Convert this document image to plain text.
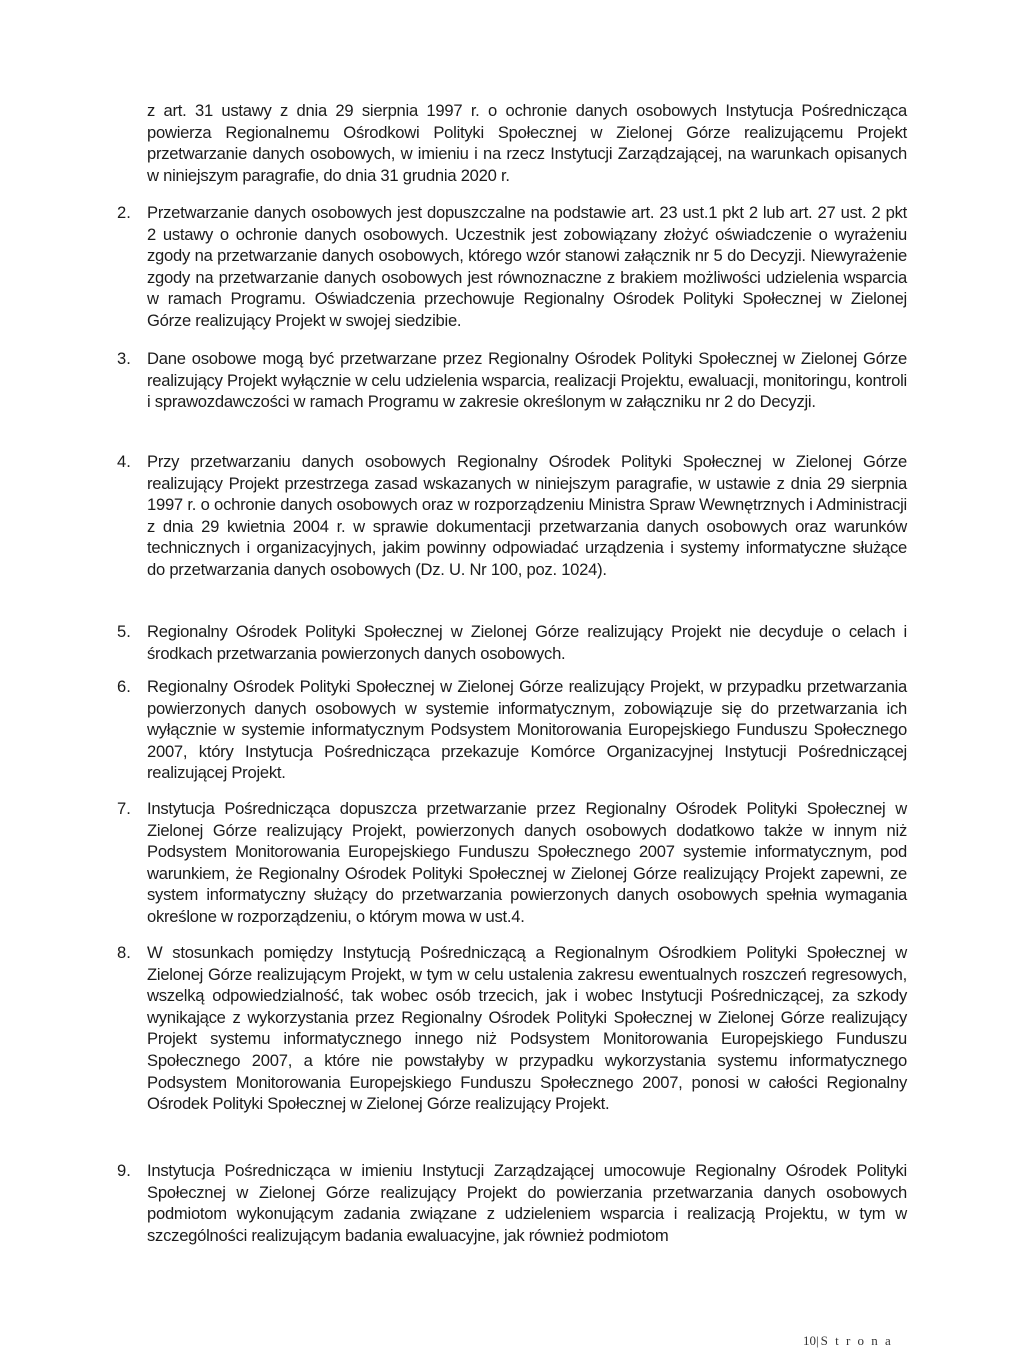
z art. 31 ustawy z dnia 29 sierpnia 1997 r. o ochronie danych osobowych Instytucja Pośrednicząca powierza Regionalnemu Ośrodkowi Polityki Społecznej w Zielonej Górze realizującemu Projekt przetwarzanie danych osobowych, w imieniu i na rzecz Instytucji Zarządzającej, na warunkach opisanych w niniejszym paragrafie, do dnia 31 grudnia 2020 r.
2. Przetwarzanie danych osobowych jest dopuszczalne na podstawie art. 23 ust.1 pkt 2 lub art. 27 ust. 2 pkt 2 ustawy o ochronie danych osobowych. Uczestnik jest zobowiązany złożyć oświadczenie o wyrażeniu zgody na przetwarzanie danych osobowych, którego wzór stanowi załącznik nr 5 do Decyzji. Niewyrażenie zgody na przetwarzanie danych osobowych jest równoznaczne z brakiem możliwości udzielenia wsparcia w ramach Programu. Oświadczenia przechowuje Regionalny Ośrodek Polityki Społecznej w Zielonej Górze realizujący Projekt w swojej siedzibie.
3. Dane osobowe mogą być przetwarzane przez Regionalny Ośrodek Polityki Społecznej w Zielonej Górze realizujący Projekt wyłącznie w celu udzielenia wsparcia, realizacji Projektu, ewaluacji, monitoringu, kontroli i sprawozdawczości w ramach Programu w zakresie określonym w załączniku nr 2 do Decyzji.
4. Przy przetwarzaniu danych osobowych Regionalny Ośrodek Polityki Społecznej w Zielonej Górze realizujący Projekt przestrzega zasad wskazanych w niniejszym paragrafie, w ustawie z dnia 29 sierpnia 1997 r. o ochronie danych osobowych oraz w rozporządzeniu Ministra Spraw Wewnętrznych i Administracji z dnia 29 kwietnia 2004 r. w sprawie dokumentacji przetwarzania danych osobowych oraz warunków technicznych i organizacyjnych, jakim powinny odpowiadać urządzenia i systemy informatyczne służące do przetwarzania danych osobowych (Dz. U. Nr 100, poz. 1024).
5. Regionalny Ośrodek Polityki Społecznej w Zielonej Górze realizujący Projekt nie decyduje o celach i środkach przetwarzania powierzonych danych osobowych.
6. Regionalny Ośrodek Polityki Społecznej w Zielonej Górze realizujący Projekt, w przypadku przetwarzania powierzonych danych osobowych w systemie informatycznym, zobowiązuje się do przetwarzania ich wyłącznie w systemie informatycznym Podsystem Monitorowania Europejskiego Funduszu Społecznego 2007, który Instytucja Pośrednicząca przekazuje Komórce Organizacyjnej Instytucji Pośredniczącej realizującej Projekt.
7. Instytucja Pośrednicząca dopuszcza przetwarzanie przez Regionalny Ośrodek Polityki Społecznej w Zielonej Górze realizujący Projekt, powierzonych danych osobowych dodatkowo także w innym niż Podsystem Monitorowania Europejskiego Funduszu Społecznego 2007 systemie informatycznym, pod warunkiem, że Regionalny Ośrodek Polityki Społecznej w Zielonej Górze realizujący Projekt zapewni, ze system informatyczny służący do przetwarzania powierzonych danych osobowych spełnia wymagania określone w rozporządzeniu, o którym mowa w ust.4.
8. W stosunkach pomiędzy Instytucją Pośredniczącą a Regionalnym Ośrodkiem Polityki Społecznej w Zielonej Górze realizującym Projekt, w tym w celu ustalenia zakresu ewentualnych roszczeń regresowych, wszelką odpowiedzialność, tak wobec osób trzecich, jak i wobec Instytucji Pośredniczącej, za szkody wynikające z wykorzystania przez Regionalny Ośrodek Polityki Społecznej w Zielonej Górze realizujący Projekt systemu informatycznego innego niż Podsystem Monitorowania Europejskiego Funduszu Społecznego 2007, a które nie powstałyby w przypadku wykorzystania systemu informatycznego Podsystem Monitorowania Europejskiego Funduszu Społecznego 2007, ponosi w całości Regionalny Ośrodek Polityki Społecznej w Zielonej Górze realizujący Projekt.
9. Instytucja Pośrednicząca w imieniu Instytucji Zarządzającej umocowuje Regionalny Ośrodek Polityki Społecznej w Zielonej Górze realizujący Projekt do powierzania przetwarzania danych osobowych podmiotom wykonującym zadania związane z udzieleniem wsparcia i realizacją Projektu, w tym w szczególności realizującym badania ewaluacyjne, jak również podmiotom
10|S t r o n a
